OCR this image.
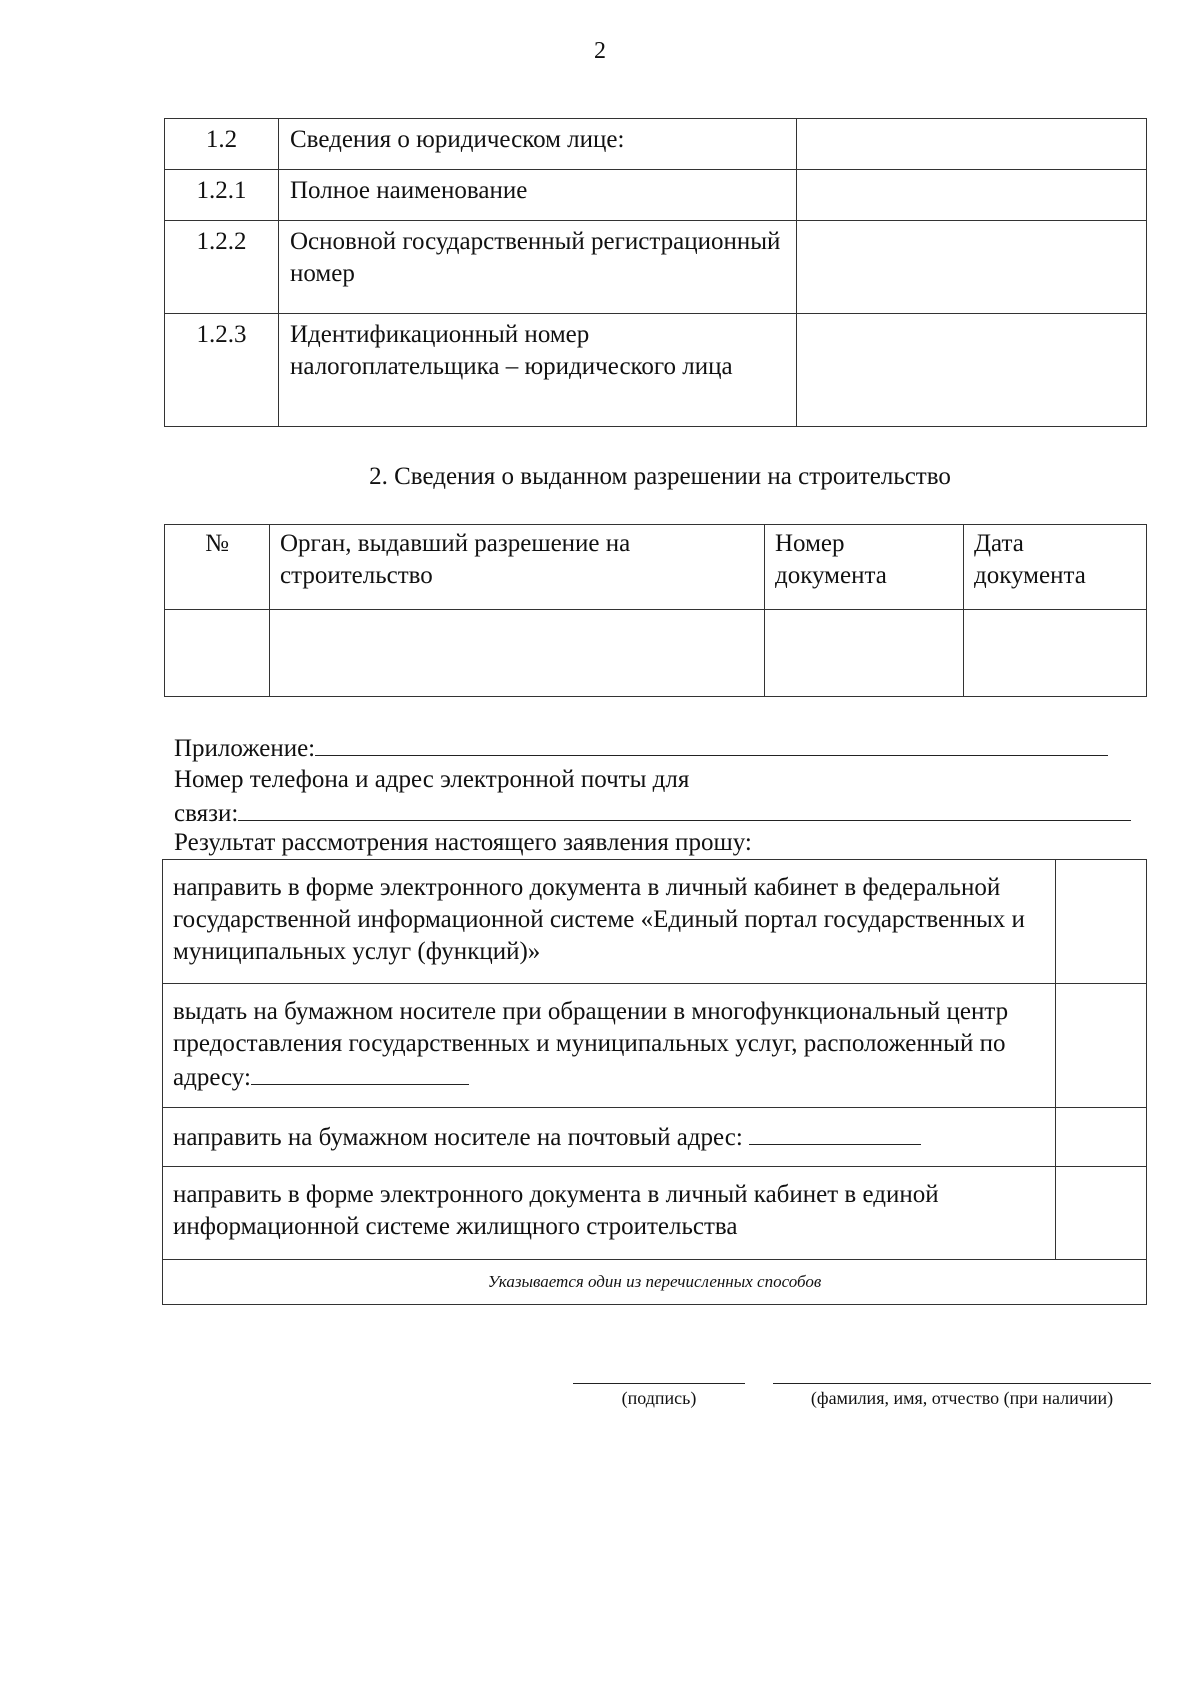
2
1.2	Сведения о юридическом лице:	
1.2.1	Полное наименование	
1.2.2	Основной государственный регистрационный номер	
1.2.3	Идентификационный номер налогоплательщика – юридического лица	
2. Сведения о выданном разрешении на строительство
№	Орган, выдавший разрешение на строительство	Номер документа	Дата документа

Приложение:
Номер телефона и адрес электронной почты для
связи:
Результат рассмотрения настоящего заявления прошу:
направить в форме электронного документа в личный кабинет в федеральной государственной информационной системе «Единый портал государственных и муниципальных услуг (функций)»	
выдать на бумажном носителе при обращении в многофункциональный центр предоставления государственных и муниципальных услуг, расположенный по адресу:	
направить на бумажном носителе на почтовый адрес:	
направить в форме электронного документа в личный кабинет в единой информационной системе жилищного строительства	
Указывается один из перечисленных способов	
(подпись)	(фамилия, имя, отчество (при наличии)
